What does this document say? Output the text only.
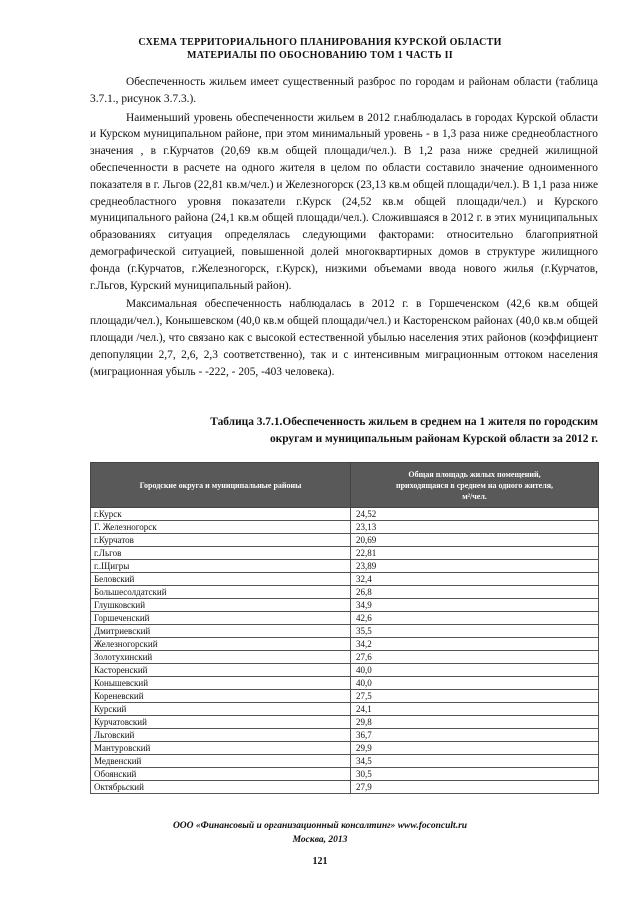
СХЕМА ТЕРРИТОРИАЛЬНОГО ПЛАНИРОВАНИЯ КУРСКОЙ ОБЛАСТИ
МАТЕРИАЛЫ ПО ОБОСНОВАНИЮ ТОМ 1 ЧАСТЬ II

Обеспеченность жильем имеет существенный разброс по городам и районам области (таблица 3.7.1., рисунок 3.7.3.).

Наименьший уровень обеспеченности жильем в 2012 г.наблюдалась в городах Курской области и Курском муниципальном районе, при этом минимальный уровень - в 1,3 раза ниже среднеобластного значения , в г.Курчатов (20,69 кв.м общей площади/чел.). В 1,2 раза ниже средней жилищной обеспеченности в расчете на одного жителя в целом по области составило значение одноименного показателя в г. Льгов (22,81 кв.м/чел.) и Железногорск (23,13 кв.м общей площади/чел.). В 1,1 раза ниже среднеобластного уровня показатели г.Курск (24,52 кв.м общей площади/чел.) и Курского муниципального района (24,1 кв.м общей площади/чел.). Сложившаяся в 2012 г. в этих муниципальных образованиях ситуация определялась следующими факторами: относительно благоприятной демографической ситуацией, повышенной долей многоквартирных домов в структуре жилищного фонда (г.Курчатов, г.Железногорск, г.Курск), низкими объемами ввода нового жилья (г.Курчатов, г.Льгов, Курский муниципальный район).

Максимальная обеспеченность наблюдалась в 2012 г. в Горшеченском (42,6 кв.м общей площади/чел.), Конышевском (40,0 кв.м общей площади/чел.) и Касторенском районах (40,0 кв.м общей площади /чел.), что связано как с высокой естественной убылью населения этих районов (коэффициент депопуляции 2,7, 2,6, 2,3 соответственно), так и с интенсивным миграционным оттоком населения (миграционная убыль - -222, - 205, -403 человека).

Таблица 3.7.1.Обеспеченность жильем в среднем на 1 жителя по городским
округам и муниципальным районам Курской области за 2012 г.
Городские округа и муниципальные районы	Общая площадь жилых помещений,
приходящаяся в среднем на одного жителя,
м²/чел.

г.Курск	24,52
Г. Железногорск	23,13
г.Курчатов	20,69
г.Льгов	22,81
г..Щигры	23,89
Беловский	32,4
Большесолдатский	26,8
Глушковский	34,9
Горшеченский	42,6
Дмитриевский	35,5
Железногорский	34,2
Золотухинский	27,6
Касторенский	40,0
Конышевский	40,0
Кореневский	27,5
Курский	24,1
Курчатовский	29,8
Льговский	36,7
Мантуровский	29,9
Медвенский	34,5
Обоянский	30,5
Октябрьский	27,9
ООО «Финансовый и организационный консалтинг» www.foconcult.ru
Москва, 2013
121
